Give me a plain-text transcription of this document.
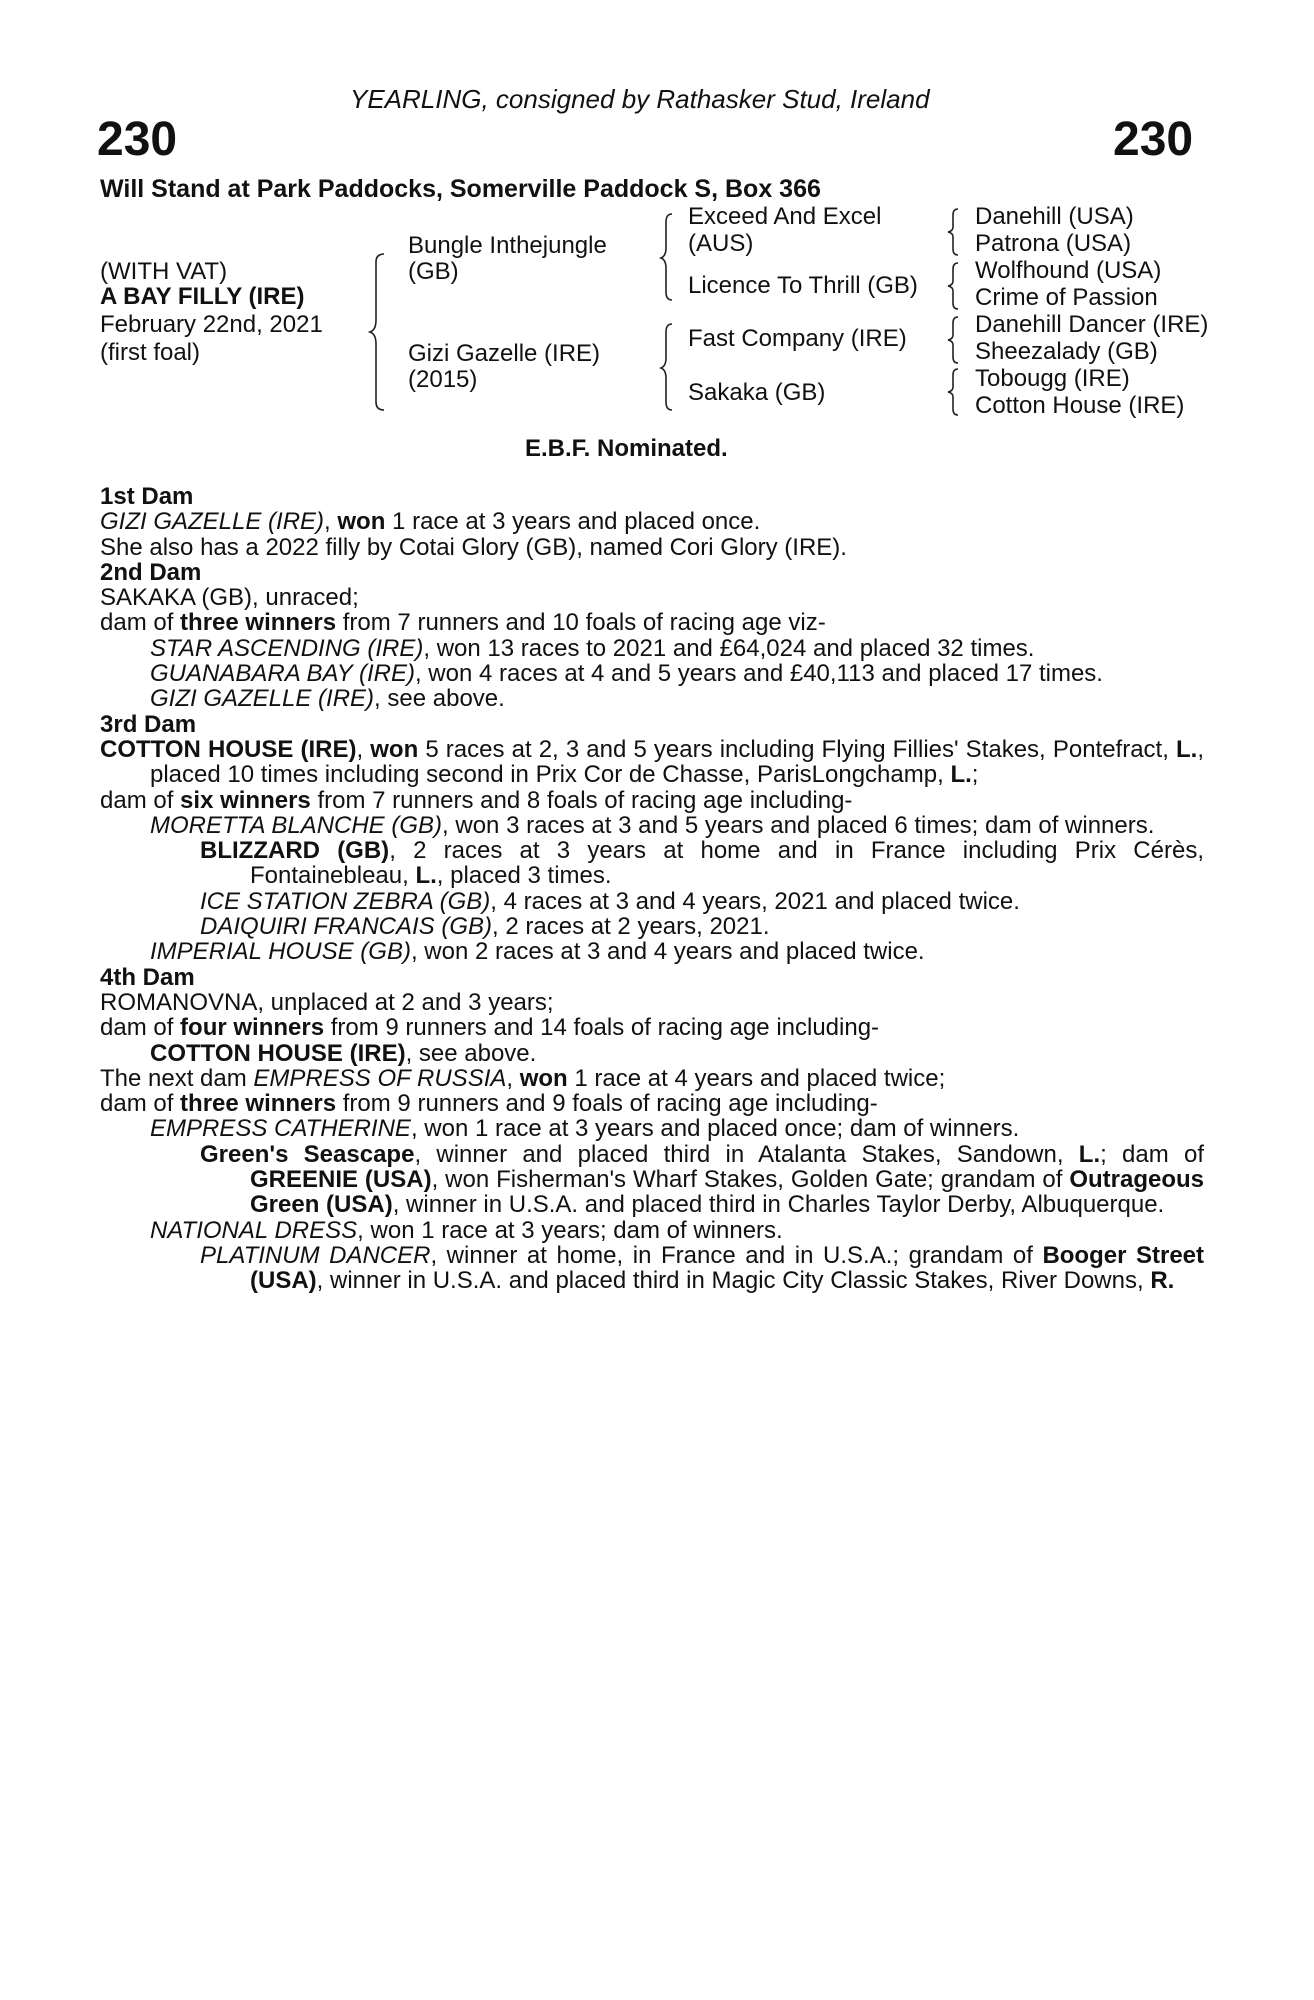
YEARLING, consigned by Rathasker Stud, Ireland
230	230
Will Stand at Park Paddocks, Somerville Paddock S, Box 366
(WITH VAT)
A BAY FILLY (IRE)
February 22nd, 2021
(first foal)
Bungle Inthejungle
(GB)
Gizi Gazelle (IRE)
(2015)
Exceed And Excel
(AUS)
Licence To Thrill (GB)
Fast Company (IRE)
Sakaka (GB)
Danehill (USA)
Patrona (USA)
Wolfhound (USA)
Crime of Passion
Danehill Dancer (IRE)
Sheezalady (GB)
Tobougg (IRE)
Cotton House (IRE)
E.B.F. Nominated.

1st Dam

GIZI GAZELLE (IRE), won 1 race at 3 years and placed once.

She also has a 2022 filly by Cotai Glory (GB), named Cori Glory (IRE).

2nd Dam

SAKAKA (GB), unraced;

dam of three winners from 7 runners and 10 foals of racing age viz-

STAR ASCENDING (IRE), won 13 races to 2021 and £64,024 and placed 32 times.

GUANABARA BAY (IRE), won 4 races at 4 and 5 years and £40,113 and placed 17 times.

GIZI GAZELLE (IRE), see above.

3rd Dam

COTTON HOUSE (IRE), won 5 races at 2, 3 and 5 years including Flying Fillies' Stakes, Pontefract, L., placed 10 times including second in Prix Cor de Chasse, ParisLongchamp, L.;

dam of six winners from 7 runners and 8 foals of racing age including-

MORETTA BLANCHE (GB), won 3 races at 3 and 5 years and placed 6 times; dam of winners.

BLIZZARD (GB), 2 races at 3 years at home and in France including Prix Cérès, Fontainebleau, L., placed 3 times.

ICE STATION ZEBRA (GB), 4 races at 3 and 4 years, 2021 and placed twice.

DAIQUIRI FRANCAIS (GB), 2 races at 2 years, 2021.

IMPERIAL HOUSE (GB), won 2 races at 3 and 4 years and placed twice.

4th Dam

ROMANOVNA, unplaced at 2 and 3 years;

dam of four winners from 9 runners and 14 foals of racing age including-

COTTON HOUSE (IRE), see above.

The next dam EMPRESS OF RUSSIA, won 1 race at 4 years and placed twice;

dam of three winners from 9 runners and 9 foals of racing age including-

EMPRESS CATHERINE, won 1 race at 3 years and placed once; dam of winners.

Green's Seascape, winner and placed third in Atalanta Stakes, Sandown, L.; dam of GREENIE (USA), won Fisherman's Wharf Stakes, Golden Gate; grandam of Outrageous Green (USA), winner in U.S.A. and placed third in Charles Taylor Derby, Albuquerque.

NATIONAL DRESS, won 1 race at 3 years; dam of winners.

PLATINUM DANCER, winner at home, in France and in U.S.A.; grandam of Booger Street (USA), winner in U.S.A. and placed third in Magic City Classic Stakes, River Downs, R.
